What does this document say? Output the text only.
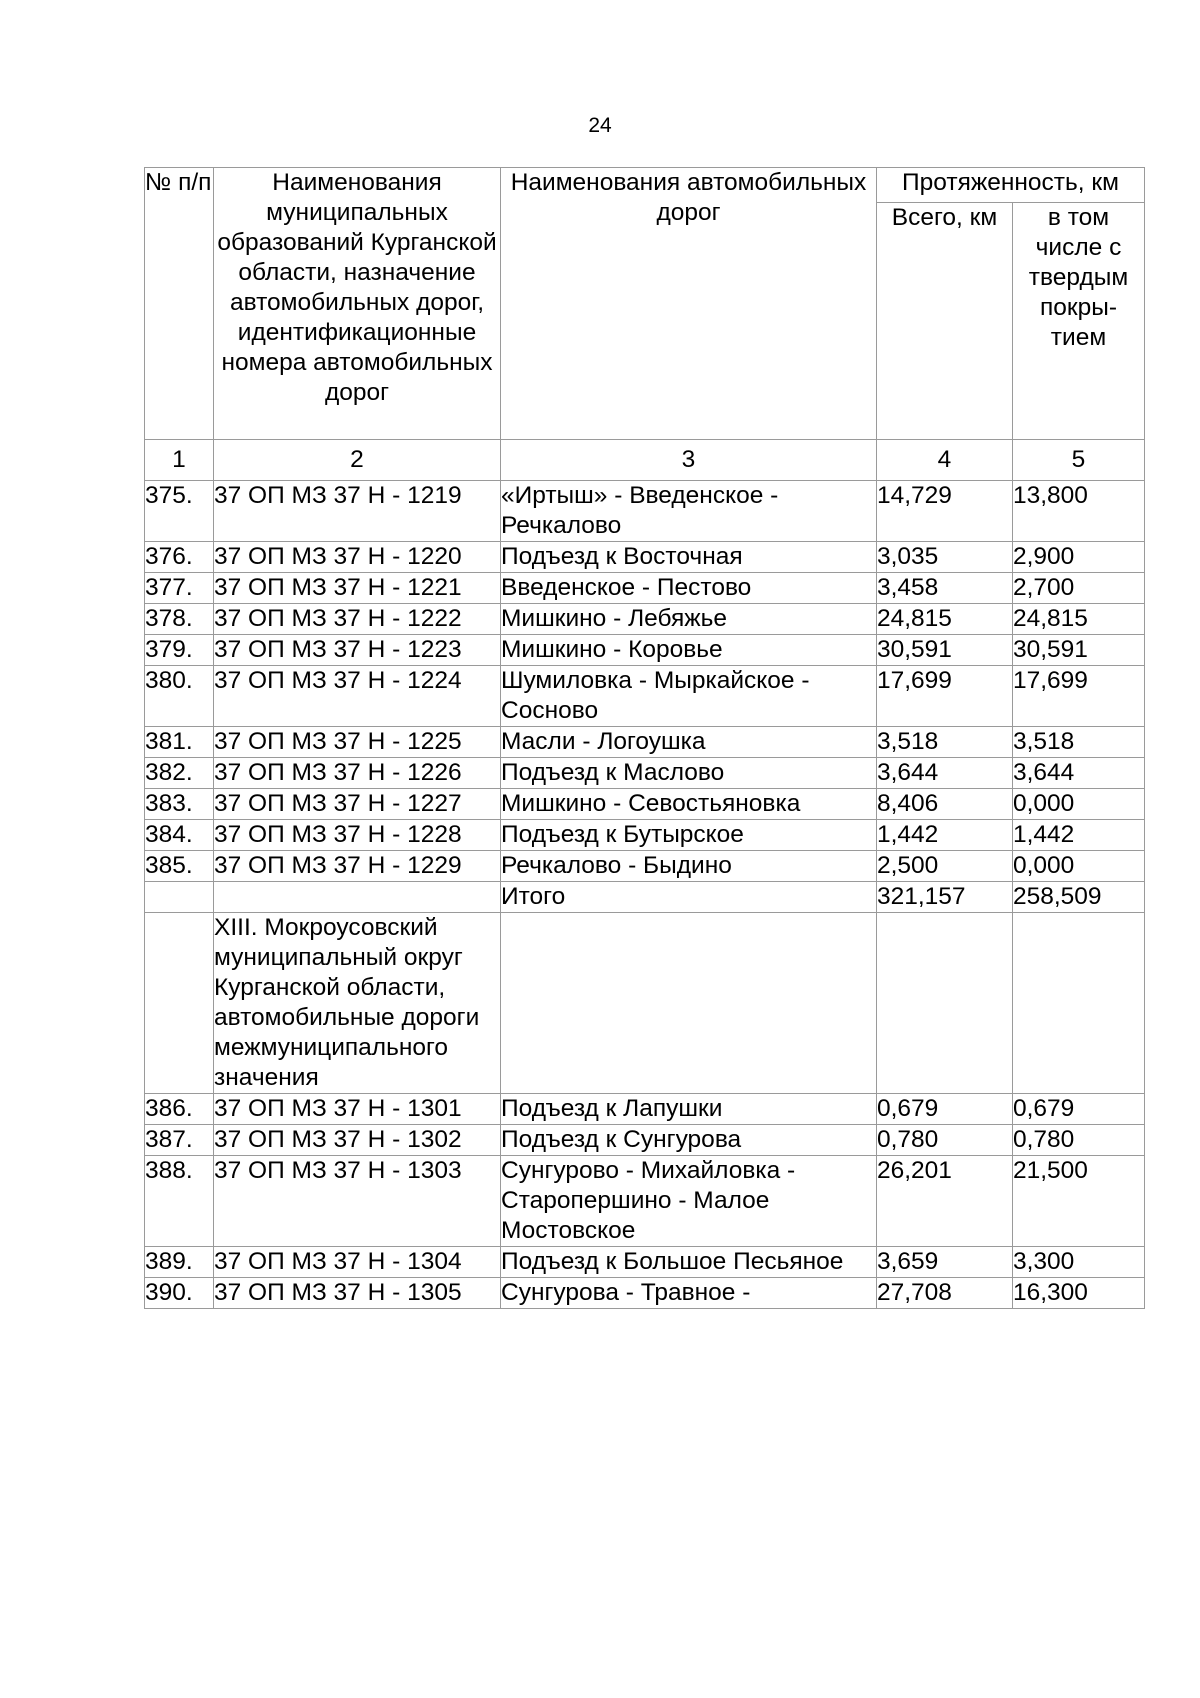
24
№ п/п	Наименования муниципальных образований Курганской области, назначение автомобильных дорог, идентификационные номера автомобильных дорог	Наименования автомобильных дорог	Протяженность, км	
			Всего, км	в том числе с твердым покры-тием
1	2	3	4	5
375.	37 ОП МЗ 37 Н - 1219	«Иртыш» - Введенское - Речкалово	14,729	13,800
376.	37 ОП МЗ 37 Н - 1220	Подъезд к Восточная	3,035	2,900
377.	37 ОП МЗ 37 Н - 1221	Введенское - Пестово	3,458	2,700
378.	37 ОП МЗ 37 Н - 1222	Мишкино - Лебяжье	24,815	24,815
379.	37 ОП МЗ 37 Н - 1223	Мишкино - Коровье	30,591	30,591
380.	37 ОП МЗ 37 Н - 1224	Шумиловка - Мыркайское - Сосново	17,699	17,699
381.	37 ОП МЗ 37 Н - 1225	Масли - Логоушка	3,518	3,518
382.	37 ОП МЗ 37 Н - 1226	Подъезд к Маслово	3,644	3,644
383.	37 ОП МЗ 37 Н - 1227	Мишкино - Севостьяновка	8,406	0,000
384.	37 ОП МЗ 37 Н - 1228	Подъезд к Бутырское	1,442	1,442
385.	37 ОП МЗ 37 Н - 1229	Речкалово - Быдино	2,500	0,000
		Итого	321,157	258,509
	XIII. Мокроусовский муниципальный округ Курганской области, автомобильные дороги межмуниципального значения			
386.	37 ОП МЗ 37 Н - 1301	Подъезд к Лапушки	0,679	0,679
387.	37 ОП МЗ 37 Н - 1302	Подъезд к Сунгурова	0,780	0,780
388.	37 ОП МЗ 37 Н - 1303	Сунгурово - Михайловка - Старопершино - Малое Мостовское	26,201	21,500
389.	37 ОП МЗ 37 Н - 1304	Подъезд к Большое Песьяное	3,659	3,300
390.	37 ОП МЗ 37 Н - 1305	Сунгурова - Травное -	27,708	16,300
